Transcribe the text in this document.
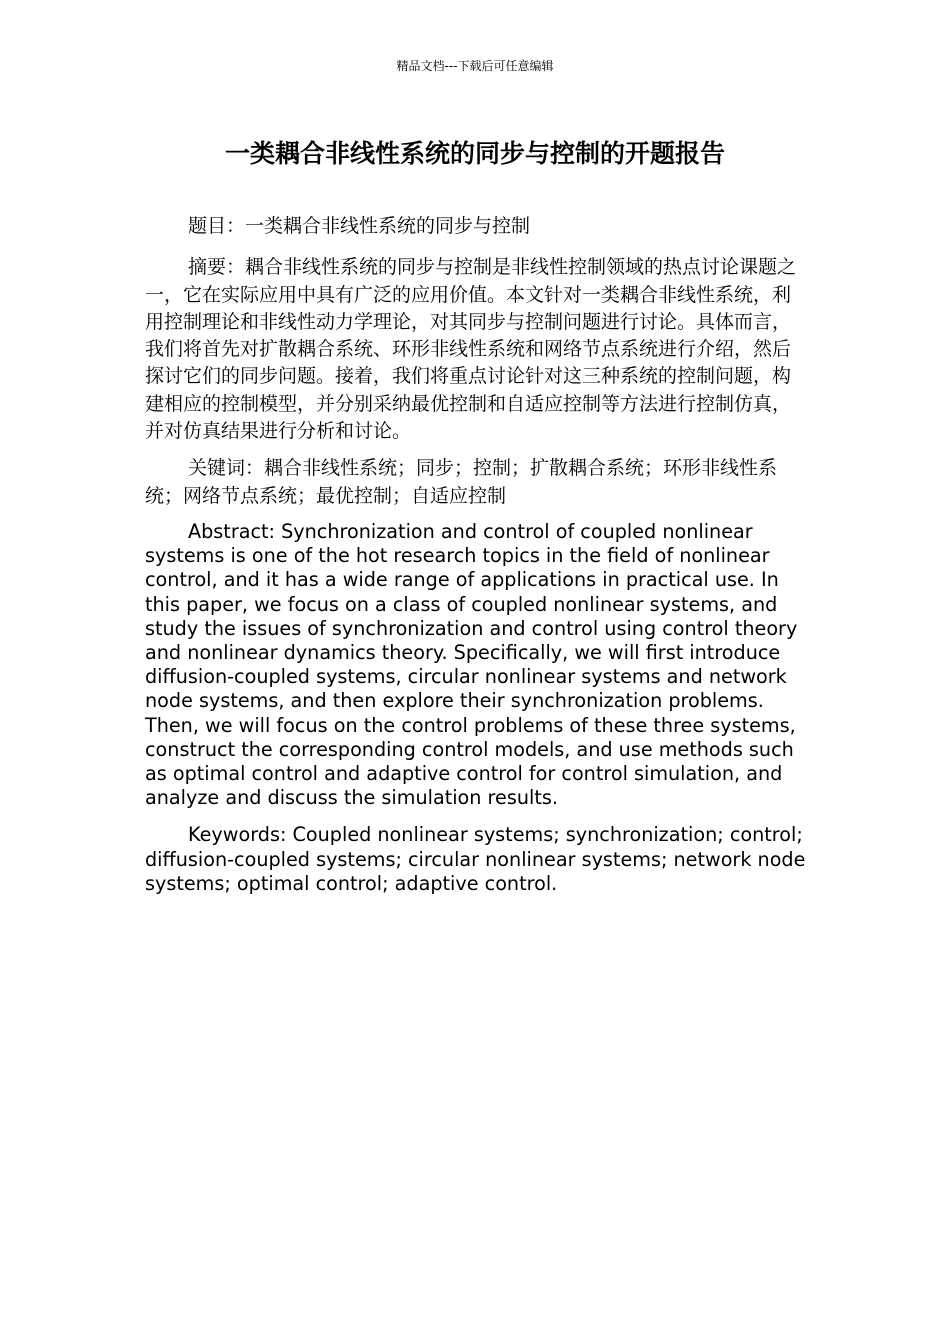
精品文档---下载后可任意编辑
一类耦合非线性系统的同步与控制的开题报告

题目：一类耦合非线性系统的同步与控制

摘要：耦合非线性系统的同步与控制是非线性控制领域的热点讨论课题之一，它在实际应用中具有广泛的应用价值。本文针对一类耦合非线性系统，利用控制理论和非线性动力学理论，对其同步与控制问题进行讨论。具体而言，我们将首先对扩散耦合系统、环形非线性系统和网络节点系统进行介绍，然后探讨它们的同步问题。接着，我们将重点讨论针对这三种系统的控制问题，构建相应的控制模型，并分别采纳最优控制和自适应控制等方法进行控制仿真，并对仿真结果进行分析和讨论。

关键词：耦合非线性系统；同步；控制；扩散耦合系统；环形非线性系统；网络节点系统；最优控制；自适应控制

Abstract: Synchronization and control of coupled nonlinear systems is one of the hot research topics in the field of nonlinear control, and it has a wide range of applications in practical use. In this paper, we focus on a class of coupled nonlinear systems, and study the issues of synchronization and control using control theory and nonlinear dynamics theory. Specifically, we will first introduce diffusion-coupled systems, circular nonlinear systems and network node systems, and then explore their synchronization problems. Then, we will focus on the control problems of these three systems, construct the corresponding control models, and use methods such as optimal control and adaptive control for control simulation, and analyze and discuss the simulation results.

Keywords: Coupled nonlinear systems; synchronization; control; diffusion-coupled systems; circular nonlinear systems; network node systems; optimal control; adaptive control.
